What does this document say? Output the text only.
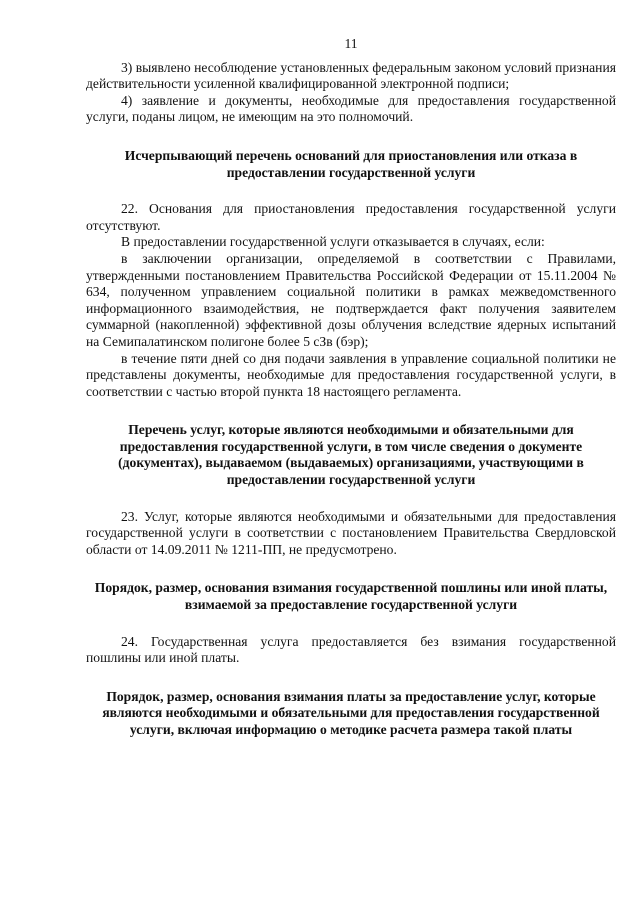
11

3) выявлено несоблюдение установленных федеральным законом условий признания действительности усиленной квалифицированной электронной подписи;

4) заявление и документы, необходимые для предоставления государственной услуги, поданы лицом, не имеющим на это полномочий.

Исчерпывающий перечень оснований для приостановления или отказа в предоставлении государственной услуги

22. Основания для приостановления предоставления государственной услуги отсутствуют.

В предоставлении государственной услуги отказывается в случаях, если:

в заключении организации, определяемой в соответствии с Правилами, утвержденными постановлением Правительства Российской Федерации от 15.11.2004 № 634, полученном управлением социальной политики в рамках межведомственного информационного взаимодействия, не подтверждается факт получения заявителем суммарной (накопленной) эффективной дозы облучения вследствие ядерных испытаний на Семипалатинском полигоне более 5 сЗв (бэр);

в течение пяти дней со дня подачи заявления в управление социальной политики не представлены документы, необходимые для предоставления государственной услуги, в соответствии с частью второй пункта 18 настоящего регламента.

Перечень услуг, которые являются необходимыми и обязательными для предоставления государственной услуги, в том числе сведения о документе (документах), выдаваемом (выдаваемых) организациями, участвующими в предоставлении государственной услуги

23. Услуг, которые являются необходимыми и обязательными для предоставления государственной услуги в соответствии с постановлением Правительства Свердловской области от 14.09.2011 № 1211-ПП, не предусмотрено.

Порядок, размер, основания взимания государственной пошлины или иной платы, взимаемой за предоставление государственной услуги

24. Государственная услуга предоставляется без взимания государственной пошлины или иной платы.

Порядок, размер, основания взимания платы за предоставление услуг, которые являются необходимыми и обязательными для предоставления государственной услуги, включая информацию о методике расчета размера такой платы
